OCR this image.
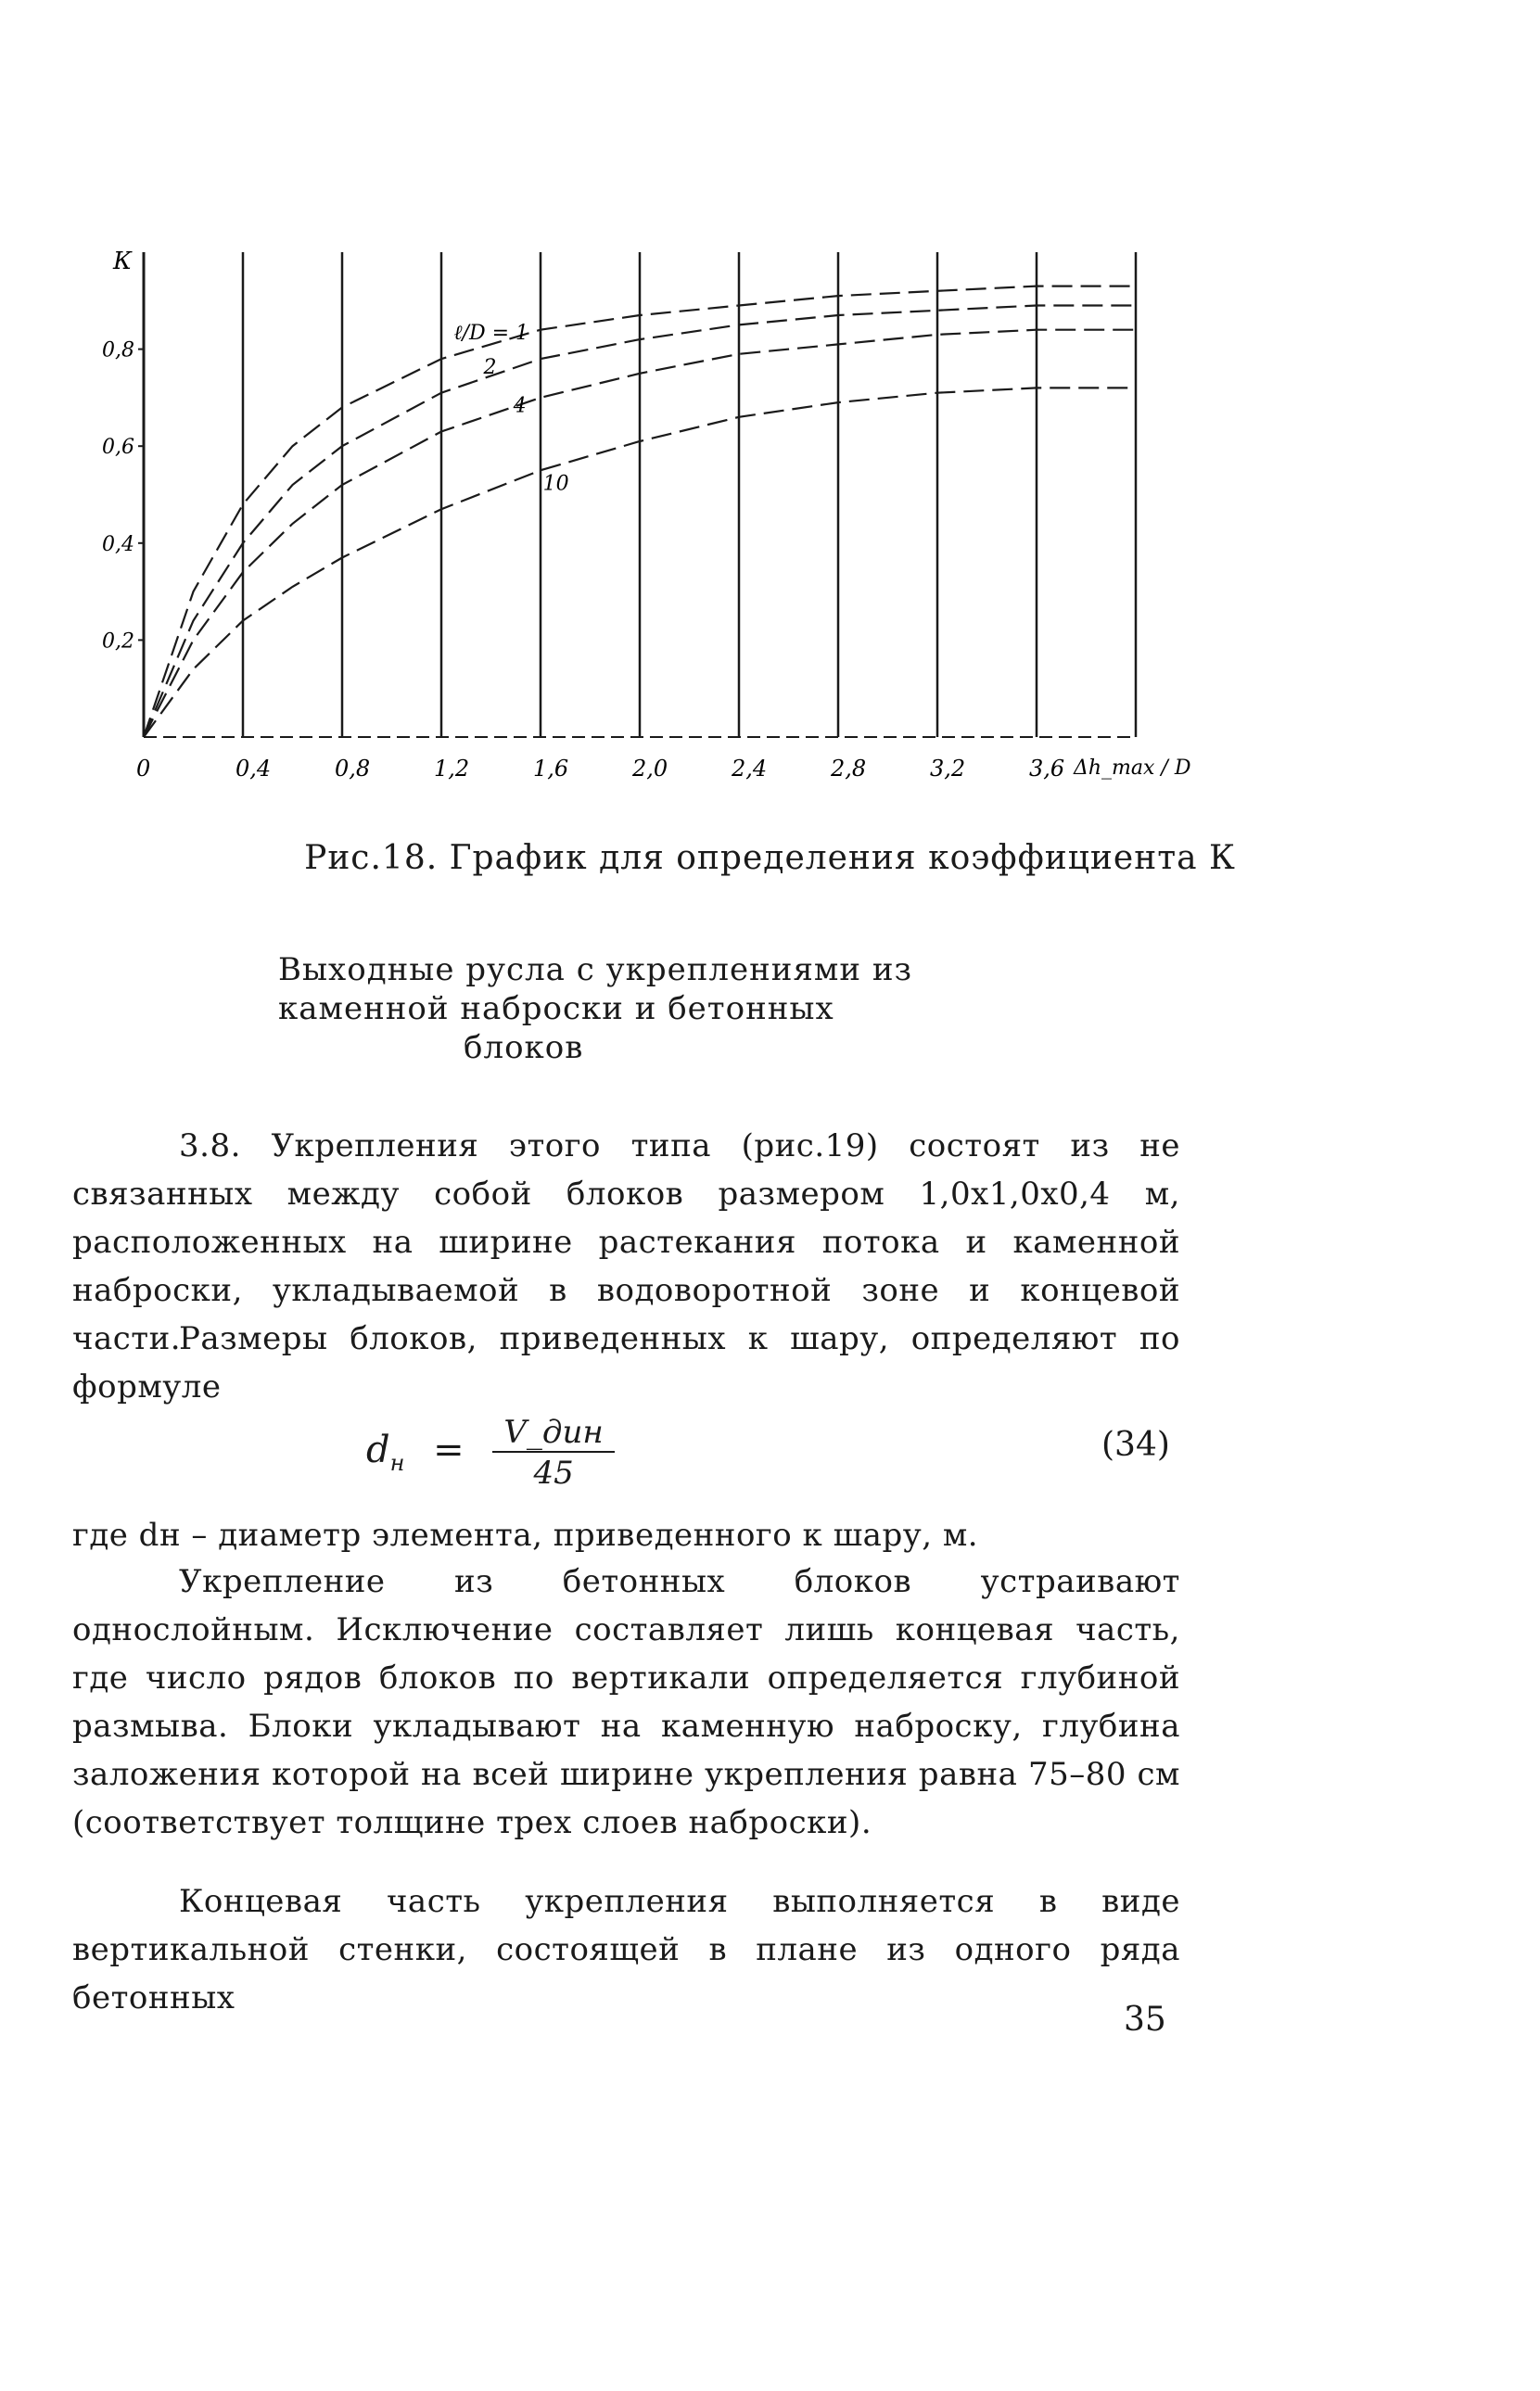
К
0,2
0,4
0,6
0,8
0	0,4	0,8	1,2	1,6	2,0	2,4	2,8	3,2	3,6
ℓ/D = 1
2
4
10
Δh_max / D
Рис.18. График для определения коэффициента К
Выходные русла с укреплениями из
каменной наброски и бетонных
блоков

3.8. Укрепления этого типа (рис.19) состоят из не связанных между собой блоков размером 1,0х1,0х0,4 м, расположенных на ширине растекания потока и каменной наброски, укладываемой в водоворотной зоне и концевой части.

Размеры блоков, приведенных к шару, определяют по формуле

$d_н = \frac{\text{V\_дин}}{45}$	(34)

где dн – диаметр элемента, приведенного к шару, м.

Укрепление из бетонных блоков устраивают однослойным. Исключение составляет лишь концевая часть, где число рядов блоков по вертикали определяется глубиной размыва. Блоки укладывают на каменную наброску, глубина заложения которой на всей ширине укрепления равна 75–80 см (соответствует толщине трех слоев наброски).

Концевая часть укрепления выполняется в виде вертикальной стенки, состоящей в плане из одного ряда бетонных

35
